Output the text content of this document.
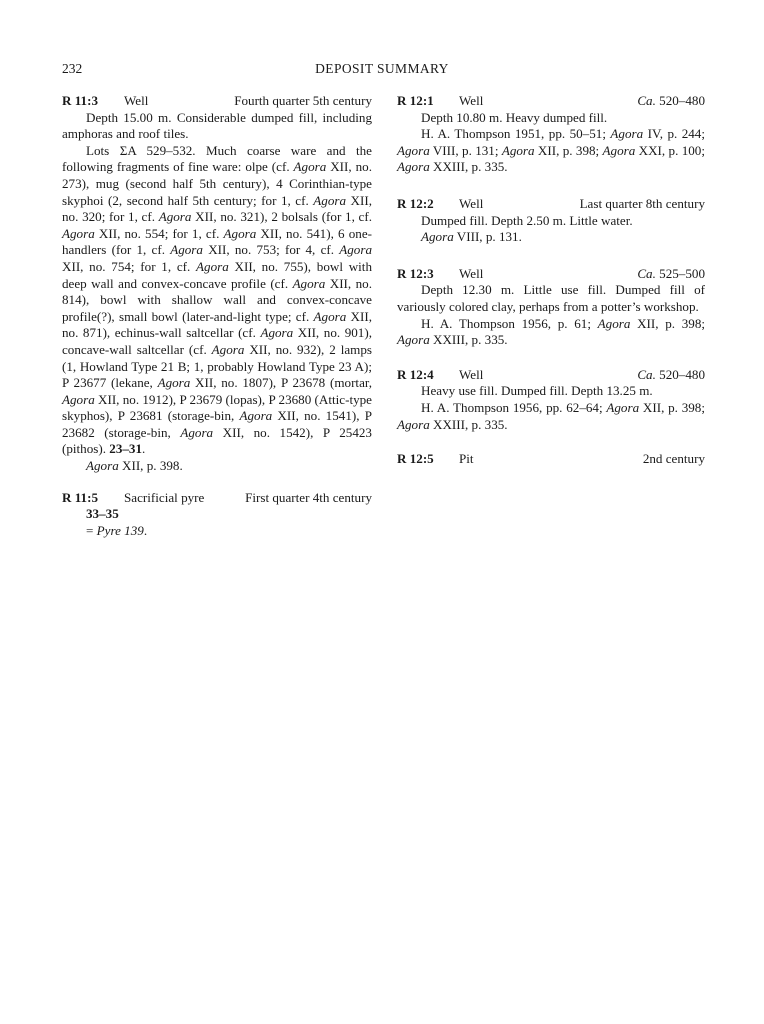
232	DEPOSIT SUMMARY
R 11:3	Well	Fourth quarter 5th century

Depth 15.00 m. Considerable dumped fill, including amphoras and roof tiles.

Lots ΣΑ 529–532. Much coarse ware and the following fragments of fine ware: olpe (cf. Agora XII, no. 273), mug (second half 5th century), 4 Corinthian-type skyphoi (2, second half 5th century; for 1, cf. Agora XII, no. 320; for 1, cf. Agora XII, no. 321), 2 bolsals (for 1, cf. Agora XII, no. 554; for 1, cf. Agora XII, no. 541), 6 one-handlers (for 1, cf. Agora XII, no. 753; for 4, cf. Agora XII, no. 754; for 1, cf. Agora XII, no. 755), bowl with deep wall and convex-concave profile (cf. Agora XII, no. 814), bowl with shallow wall and convex-concave profile(?), small bowl (later-and-light type; cf. Agora XII, no. 871), echinus-wall saltcellar (cf. Agora XII, no. 901), concave-wall saltcellar (cf. Agora XII, no. 932), 2 lamps (1, Howland Type 21 B; 1, probably Howland Type 23 A); P 23677 (lekane, Agora XII, no. 1807), P 23678 (mortar, Agora XII, no. 1912), P 23679 (lopas), P 23680 (Attic-type skyphos), P 23681 (storage-bin, Agora XII, no. 1541), P 23682 (storage-bin, Agora XII, no. 1542), P 25423 (pithos). 23–31.

Agora XII, p. 398.

R 11:5	Sacrificial pyre	First quarter 4th century

33–35

= Pyre 139.

R 12:1	Well	Ca. 520–480

Depth 10.80 m. Heavy dumped fill.

H. A. Thompson 1951, pp. 50–51; Agora IV, p. 244; Agora VIII, p. 131; Agora XII, p. 398; Agora XXI, p. 100; Agora XXIII, p. 335.

R 12:2	Well	Last quarter 8th century

Dumped fill. Depth 2.50 m. Little water.

Agora VIII, p. 131.

R 12:3	Well	Ca. 525–500

Depth 12.30 m. Little use fill. Dumped fill of variously colored clay, perhaps from a potter’s workshop.

H. A. Thompson 1956, p. 61; Agora XII, p. 398; Agora XXIII, p. 335.

R 12:4	Well	Ca. 520–480

Heavy use fill. Dumped fill. Depth 13.25 m.

H. A. Thompson 1956, pp. 62–64; Agora XII, p. 398; Agora XXIII, p. 335.

R 12:5	Pit	2nd century
